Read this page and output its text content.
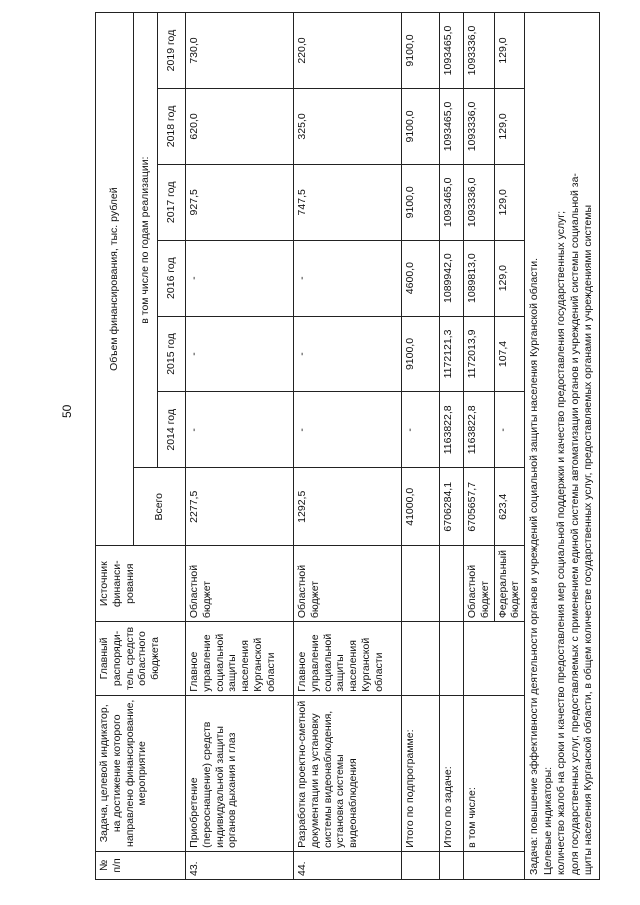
50
№ п/п	Задача, целевой индикатор, на достижение которого направлено финансирование, мероприятие	Главный распоряди-тель средств областного бюджета	Источник финанси-рования	Объем финансирования, тыс. рублей						
				Всего	в том числе по годам реализации:					
					2014 год	2015 год	2016 год	2017 год	2018 год	2019 год
43.	Приобретение (переоснащение) средств индивидуальной защиты органов дыхания и глаз	Главное управление социальной защиты населения Курганской области	Областной бюджет	2277,5	-	-	-	927,5	620,0	730,0
44.	Разработка проектно-сметной документации на установку системы видеонаблюдения, установка системы видеонаблюдения	Главное управление социальной защиты населения Курганской области	Областной бюджет	1292,5	-	-	-	747,5	325,0	220,0
	Итого по подпрограмме:			41000,0	-	9100,0	4600,0	9100,0	9100,0	9100,0
	Итого по задаче:			6706284,1	1163822,8	1172121,3	1089942,0	1093465,0	1093465,0	1093465,0
	в том числе:		Областной бюджет	6705657,7	1163822,8	1172013,9	1089813,0	1093336,0	1093336,0	1093336,0
			Федеральный бюджет	623,4	-	107,4	129,0	129,0	129,0	129,0

Задача: повышение эффективности деятельности органов и учреждений социальной защиты населения Курганской области. Целевые индикаторы: количество жалоб на сроки и качество предоставления мер социальной поддержки и качество предоставления государственных услуг; доля государственных услуг, предоставляемых с применением единой системы автоматизации органов и учреждений системы социальной за- щиты населения Курганской области, в общем количестве государственных услуг, предоставляемых органами и учреждениями системы										
